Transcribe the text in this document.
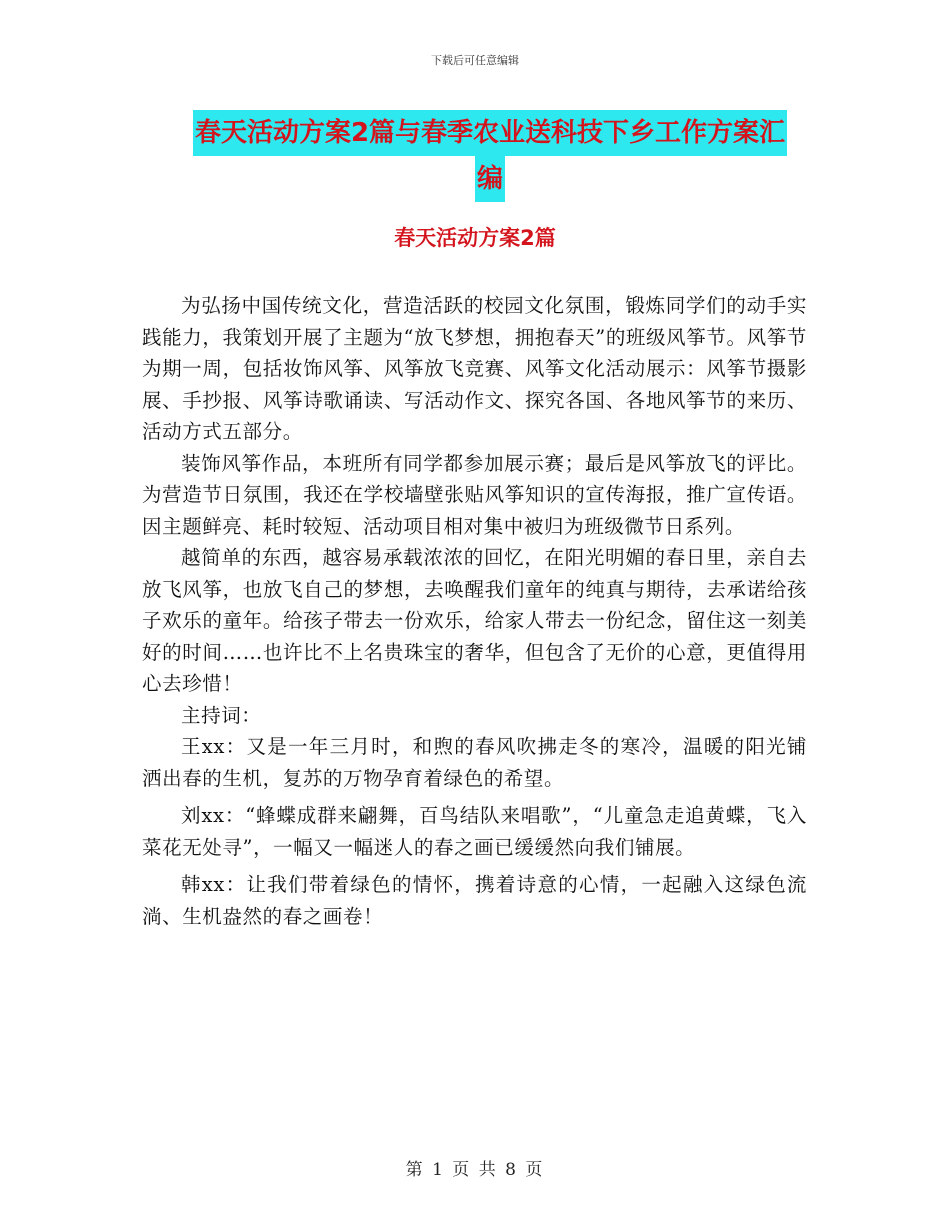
下载后可任意编辑
春天活动方案2篇与春季农业送科技下乡工作方案汇
编
春天活动方案2篇

为弘扬中国传统文化，营造活跃的校园文化氛围，锻炼同学们的动手实践能力，我策划开展了主题为“放飞梦想，拥抱春天”的班级风筝节。风筝节为期一周，包括妆饰风筝、风筝放飞竞赛、风筝文化活动展示：风筝节摄影展、手抄报、风筝诗歌诵读、写活动作文、探究各国、各地风筝节的来历、活动方式五部分。

装饰风筝作品，本班所有同学都参加展示赛；最后是风筝放飞的评比。为营造节日氛围，我还在学校墙壁张贴风筝知识的宣传海报，推广宣传语。因主题鲜亮、耗时较短、活动项目相对集中被归为班级微节日系列。

越简单的东西，越容易承载浓浓的回忆，在阳光明媚的春日里，亲自去放飞风筝，也放飞自己的梦想，去唤醒我们童年的纯真与期待，去承诺给孩子欢乐的童年。给孩子带去一份欢乐，给家人带去一份纪念，留住这一刻美好的时间……也许比不上名贵珠宝的奢华，但包含了无价的心意，更值得用心去珍惜！

主持词：

王xx：又是一年三月时，和煦的春风吹拂走冬的寒冷，温暖的阳光铺洒出春的生机，复苏的万物孕育着绿色的希望。

刘xx：“蜂蝶成群来翩舞，百鸟结队来唱歌”，“儿童急走追黄蝶，飞入菜花无处寻”，一幅又一幅迷人的春之画已缓缓然向我们铺展。

韩xx：让我们带着绿色的情怀，携着诗意的心情，一起融入这绿色流淌、生机盎然的春之画卷！

第 1 页 共 8 页
